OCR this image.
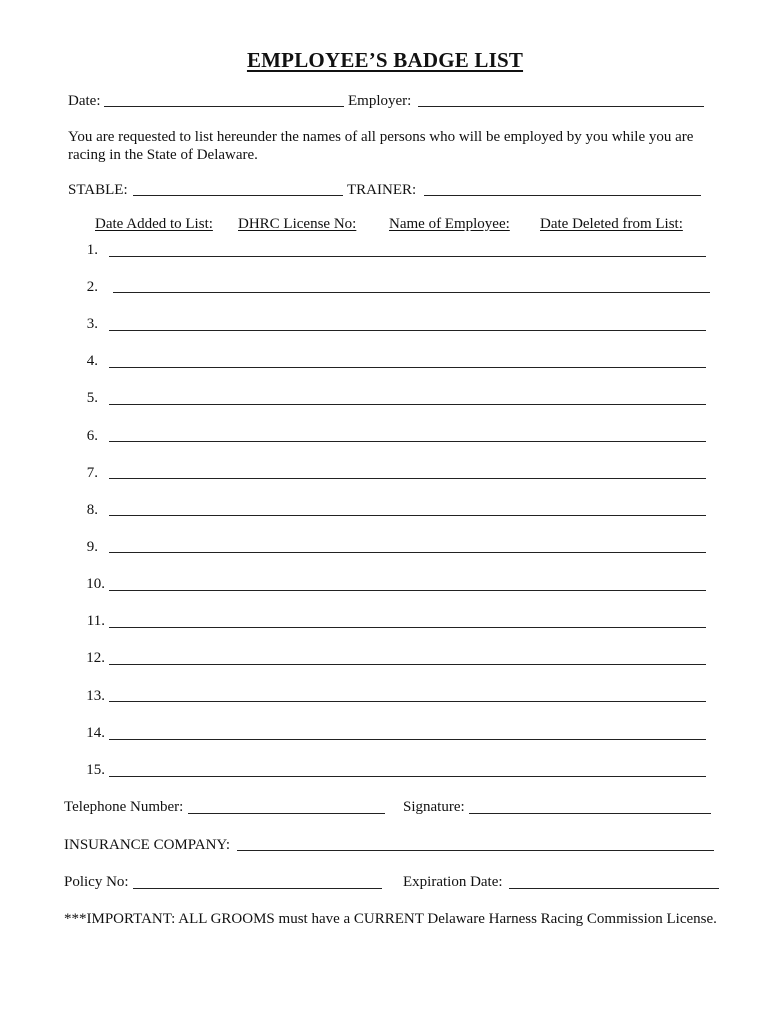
EMPLOYEE’S BADGE LIST
Date:	Employer:
You are requested to list hereunder the names of all persons who will be employed by you while you are
racing in the State of Delaware.
STABLE:	TRAINER:
Date Added to List: DHRC License No: Name of Employee: Date Deleted from List:
1.
2.
3.
4.
5.
6.
7.
8.
9.
10.
11.
12.
13.
14.
15.
Telephone Number:	Signature:
INSURANCE COMPANY:
Policy No:	Expiration Date:
***IMPORTANT: ALL GROOMS must have a CURRENT Delaware Harness Racing Commission License.
